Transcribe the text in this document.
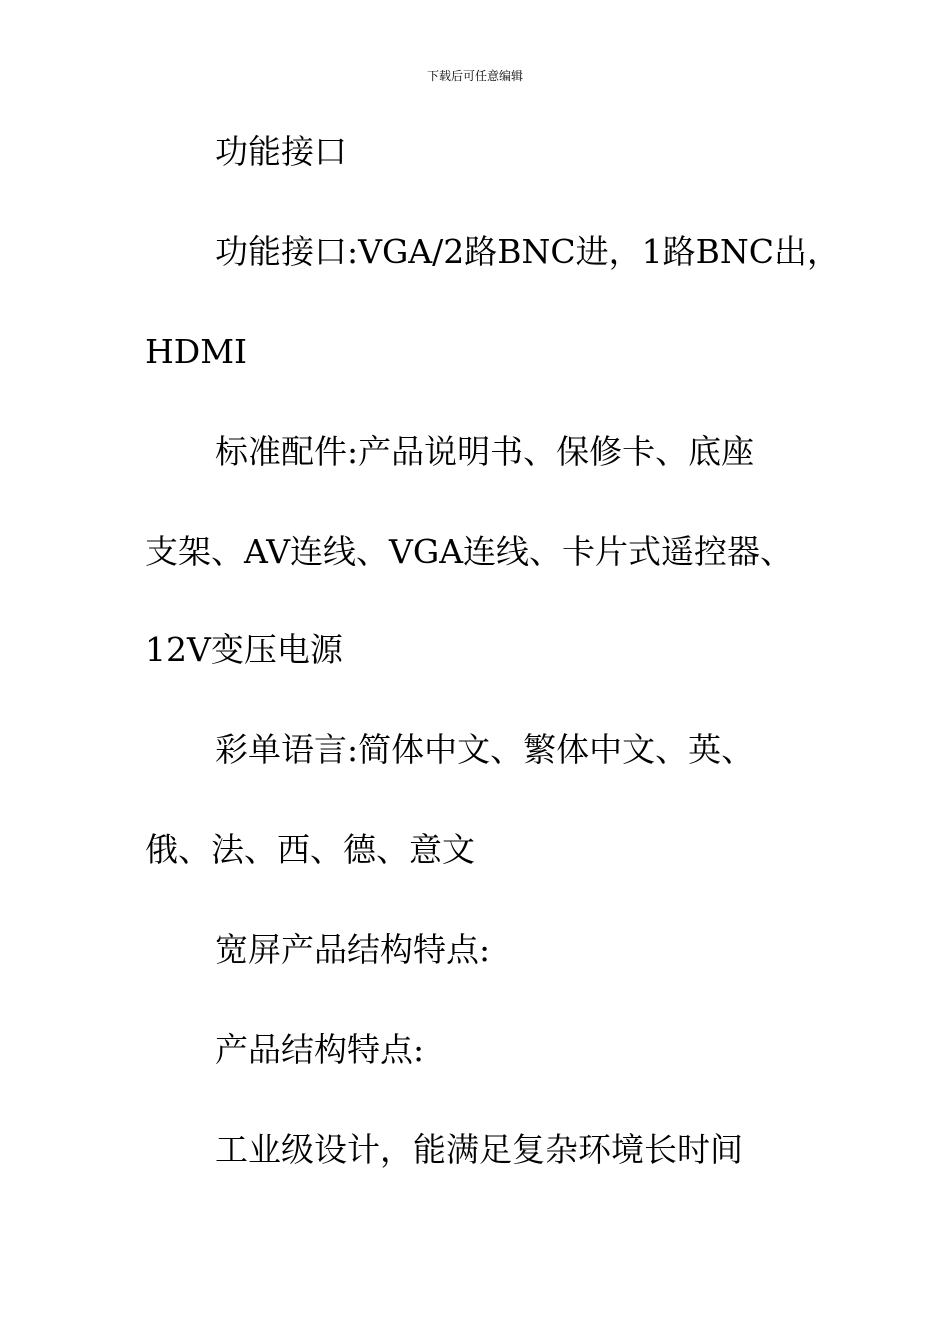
下载后可任意编辑
功能接口
功能接口:VGA/2路BNC进，1路BNC出，
HDMI
标准配件:产品说明书、保修卡、底座
支架、AV连线、VGA连线、卡片式遥控器、
12V变压电源
彩单语言:简体中文、繁体中文、英、
俄、法、西、德、意文
宽屏产品结构特点:
产品结构特点:
工业级设计，能满足复杂环境长时间
